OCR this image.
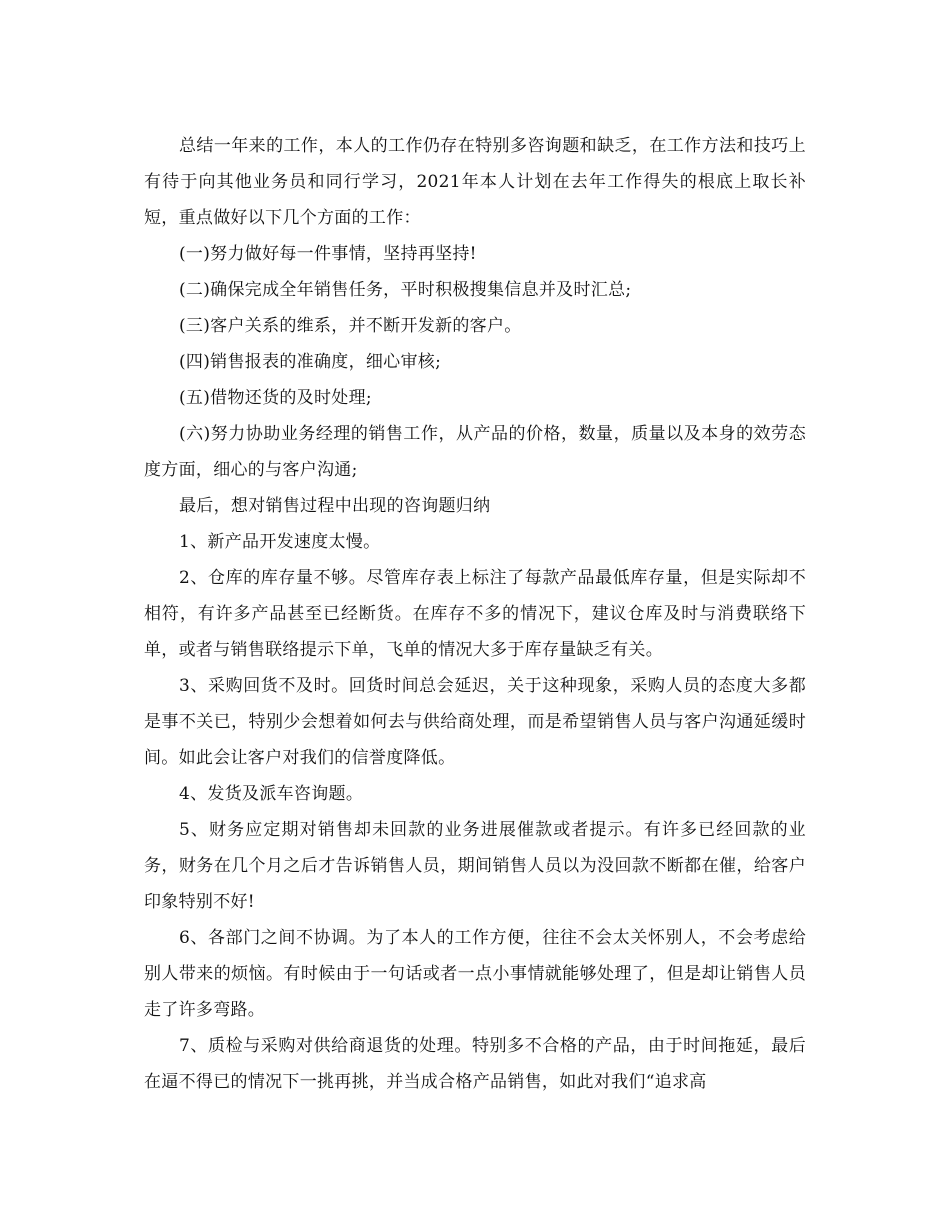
总结一年来的工作，本人的工作仍存在特别多咨询题和缺乏，在工作方法和技巧上有待于向其他业务员和同行学习，2021年本人计划在去年工作得失的根底上取长补短，重点做好以下几个方面的工作：

(一)努力做好每一件事情，坚持再坚持!

(二)确保完成全年销售任务，平时积极搜集信息并及时汇总;

(三)客户关系的维系，并不断开发新的客户。

(四)销售报表的准确度，细心审核;

(五)借物还货的及时处理;

(六)努力协助业务经理的销售工作，从产品的价格，数量，质量以及本身的效劳态度方面，细心的与客户沟通;

最后，想对销售过程中出现的咨询题归纳

1、新产品开发速度太慢。

2、仓库的库存量不够。尽管库存表上标注了每款产品最低库存量，但是实际却不相符，有许多产品甚至已经断货。在库存不多的情况下，建议仓库及时与消费联络下单，或者与销售联络提示下单，飞单的情况大多于库存量缺乏有关。

3、采购回货不及时。回货时间总会延迟，关于这种现象，采购人员的态度大多都是事不关已，特别少会想着如何去与供给商处理，而是希望销售人员与客户沟通延缓时间。如此会让客户对我们的信誉度降低。

4、发货及派车咨询题。

5、财务应定期对销售却未回款的业务进展催款或者提示。有许多已经回款的业务，财务在几个月之后才告诉销售人员，期间销售人员以为没回款不断都在催，给客户印象特别不好!

6、各部门之间不协调。为了本人的工作方便，往往不会太关怀别人，不会考虑给别人带来的烦恼。有时候由于一句话或者一点小事情就能够处理了，但是却让销售人员走了许多弯路。

7、质检与采购对供给商退货的处理。特别多不合格的产品，由于时间拖延，最后在逼不得已的情况下一挑再挑，并当成合格产品销售，如此对我们“追求高
